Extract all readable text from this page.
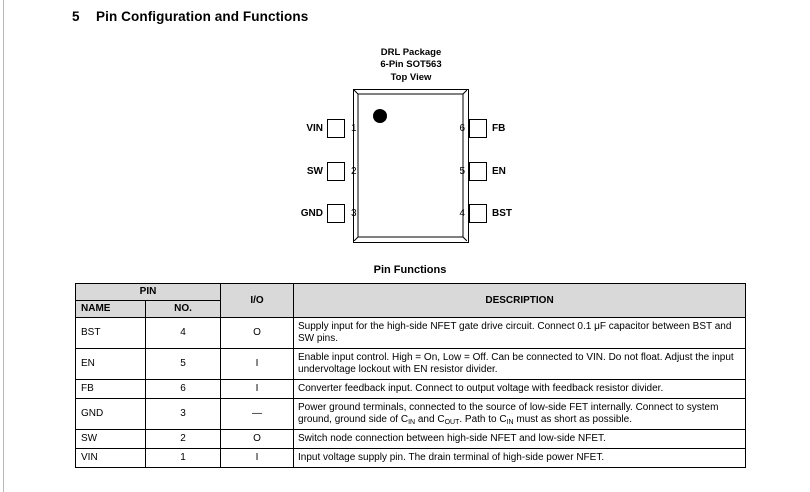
5	Pin Configuration and Functions
DRL Package
6-Pin SOT563
Top View
VIN	1
SW	2
GND	3
6	FB
5	EN
4	BST
Pin Functions
PIN		I/O	DESCRIPTION
NAME	NO.		
BST	4	O	Supply input for the high-side NFET gate drive circuit. Connect 0.1 μF capacitor between BST and SW pins.
EN	5	I	Enable input control. High = On, Low = Off. Can be connected to VIN. Do not float. Adjust the input undervoltage lockout with EN resistor divider.
FB	6	I	Converter feedback input. Connect to output voltage with feedback resistor divider.
GND	3	—	Power ground terminals, connected to the source of low-side FET internally. Connect to system ground, ground side of $C_{IN}$ and $C_{OUT}$. Path to $C_{IN}$ must as short as possible.
SW	2	O	Switch node connection between high-side NFET and low-side NFET.
VIN	1	I	Input voltage supply pin. The drain terminal of high-side power NFET.
